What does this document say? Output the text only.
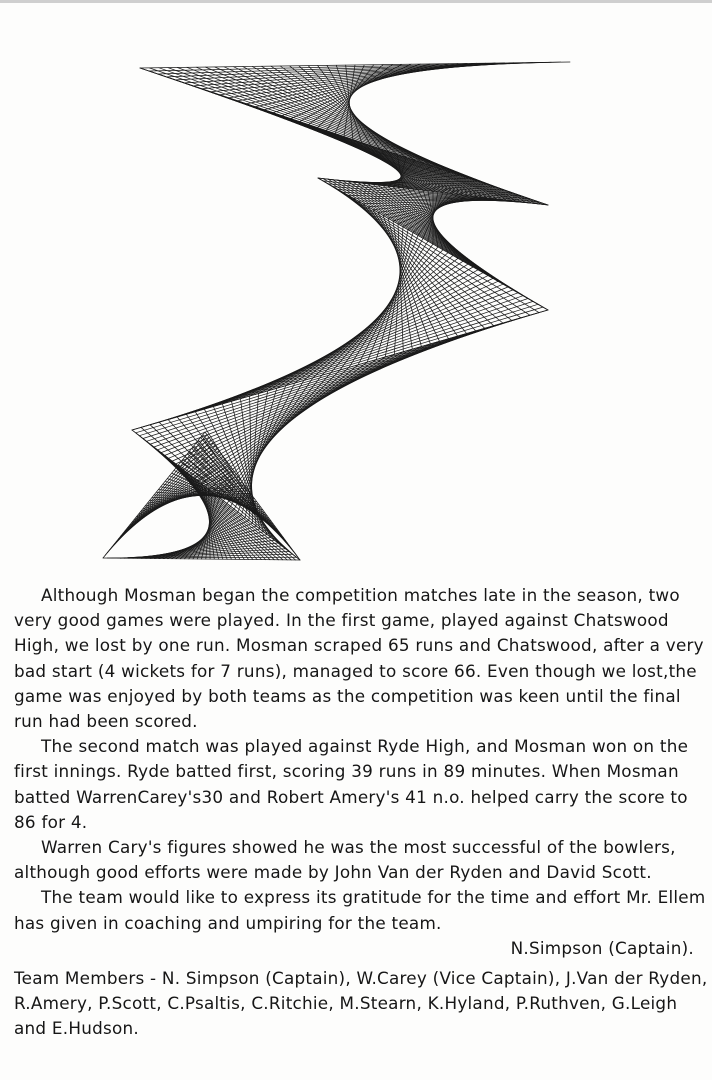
Although Mosman began the competition matches late in the season, two very good games were played. In the first game, played against Chatswood High, we lost by one run. Mosman scraped 65 runs and Chatswood, after a very bad start (4 wickets for 7 runs), managed to score 66. Even though we lost,the game was enjoyed by both teams as the competition was keen until the final run had been scored.

The second match was played against Ryde High, and Mosman won on the first innings. Ryde batted first, scoring 39 runs in 89 minutes. When Mosman batted WarrenCarey's30 and Robert Amery's 41 n.o. helped carry the score to 86 for 4.

Warren Cary's figures showed he was the most successful of the bowlers, although good efforts were made by John Van der Ryden and David Scott.

The team would like to express its gratitude for the time and effort Mr. Ellem has given in coaching and umpiring for the team.

N.Simpson (Captain).

Team Members - N. Simpson (Captain), W.Carey (Vice Captain), J.Van der Ryden, R.Amery, P.Scott, C.Psaltis, C.Ritchie, M.Stearn, K.Hyland, P.Ruthven, G.Leigh and E.Hudson.
